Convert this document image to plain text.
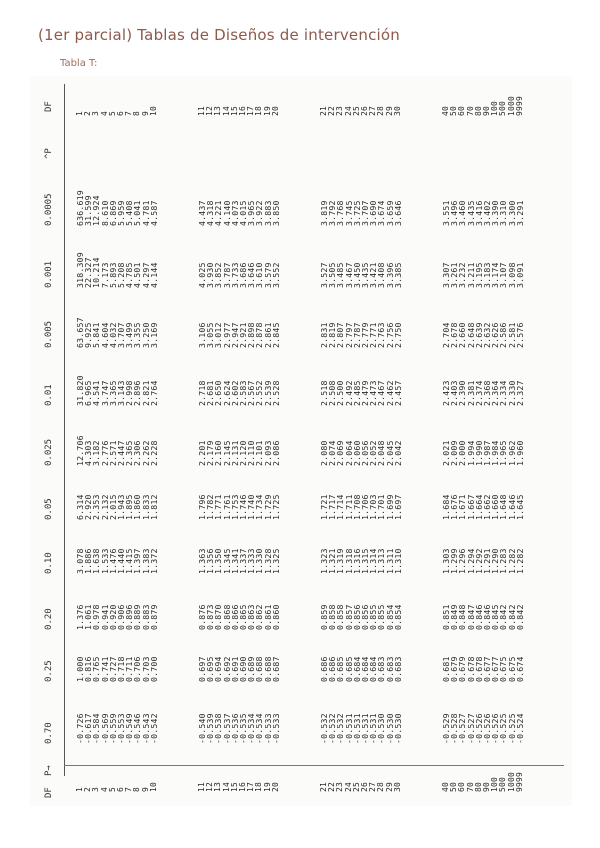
(1er parcial) Tablas de Diseños de intervención
Tabla T:
DF
P→
DF
^P
0.70
0.25
0.20
0.10
0.05
0.025
0.01
0.005
0.001
0.0005
1 2 3 4 5 6 7 8 9 10
-0.726
-0.617
-0.584
-0.569
-0.559
-0.553
-0.549
-0.546
-0.543
-0.542
1.000
0.816
0.765
0.741
0.727
0.718
0.711
0.706
0.703
0.700
1.376
1.061
0.978
0.941
0.920
0.906
0.896
0.889
0.883
0.879
3.078
1.886
1.638
1.533
1.476
1.440
1.415
1.397
1.383
1.372
6.314
2.920
2.353
2.132
2.015
1.943
1.895
1.860
1.833
1.812
12.706
4.303
3.182
2.776
2.571
2.447
2.365
2.306
2.262
2.228
31.820
6.965
4.541
3.747
3.365
3.143
2.998
2.896
2.821
2.764
63.657
9.925
5.841
4.604
4.032
3.707
3.499
3.355
3.250
3.169
318.309
22.327
10.214
7.173
5.893
5.208
4.785
4.501
4.297
4.144
636.619
31.599
12.924
8.610
6.869
5.959
5.408
5.041
4.781
4.587
1 2 3 4 5 6 7 8 9 10
11 12 13 14 15 16 17 18 19 20
-0.540
-0.539
-0.538
-0.537
-0.536
-0.535
-0.534
-0.534
-0.533
-0.533
0.697
0.695
0.694
0.692
0.691
0.690
0.689
0.688
0.688
0.687
0.876
0.873
0.870
0.868
0.866
0.865
0.863
0.862
0.861
0.860
1.363
1.356
1.350
1.345
1.341
1.337
1.333
1.330
1.328
1.325
1.796
1.782
1.771
1.761
1.753
1.746
1.740
1.734
1.729
1.725
2.201
2.179
2.160
2.145
2.131
2.120
2.110
2.101
2.093
2.086
2.718
2.681
2.650
2.624
2.602
2.583
2.567
2.552
2.539
2.528
3.106
3.055
3.012
2.977
2.947
2.921
2.898
2.878
2.861
2.845
4.025
3.930
3.852
3.787
3.733
3.686
3.646
3.610
3.579
3.552
4.437
4.318
4.221
4.140
4.073
4.015
3.965
3.922
3.883
3.850
11 12 13 14 15 16 17 18 19 20
21 22 23 24 25 26 27 28 29 30
-0.532
-0.532
-0.532
-0.531
-0.531
-0.531
-0.531
-0.530
-0.530
-0.530
0.686
0.686
0.685
0.685
0.684
0.684
0.684
0.683
0.683
0.683
0.859
0.858
0.858
0.857
0.856
0.856
0.855
0.855
0.854
0.854
1.323
1.321
1.319
1.318
1.316
1.315
1.314
1.313
1.311
1.310
1.721
1.717
1.714
1.711
1.708
1.706
1.703
1.701
1.699
1.697
2.080
2.074
2.069
2.064
2.060
2.056
2.052
2.048
2.045
2.042
2.518
2.508
2.500
2.492
2.485
2.479
2.473
2.467
2.462
2.457
2.831
2.819
2.807
2.797
2.787
2.779
2.771
2.763
2.756
2.750
3.527
3.505
3.485
3.467
3.450
3.435
3.421
3.408
3.396
3.385
3.819
3.792
3.768
3.745
3.725
3.707
3.690
3.674
3.659
3.646
21 22 23 24 25 26 27 28 29 30
40 50 60 70 80 90 100 500 1000 9999
-0.529
-0.528
-0.527
-0.527
-0.526
-0.526
-0.526
-0.525
-0.525
-0.524
0.681
0.679
0.679
0.678
0.678
0.677
0.677
0.675
0.675
0.674
0.851
0.849
0.848
0.847
0.846
0.846
0.845
0.842
0.842
0.842
1.303
1.299
1.296
1.294
1.292
1.291
1.290
1.283
1.282
1.282
1.684
1.676
1.671
1.667
1.664
1.662
1.660
1.648
1.646
1.645
2.021
2.009
2.000
1.994
1.990
1.987
1.984
1.965
1.962
1.960
2.423
2.403
2.390
2.381
2.374
2.368
2.364
2.334
2.330
2.327
2.704
2.678
2.660
2.648
2.639
2.632
2.626
2.586
2.581
2.576
3.307
3.261
3.232
3.211
3.195
3.183
3.174
3.107
3.098
3.091
3.551
3.496
3.460
3.435
3.416
3.402
3.390
3.310
3.300
3.291
40 50 60 70 80 90 100 500 1000 9999
